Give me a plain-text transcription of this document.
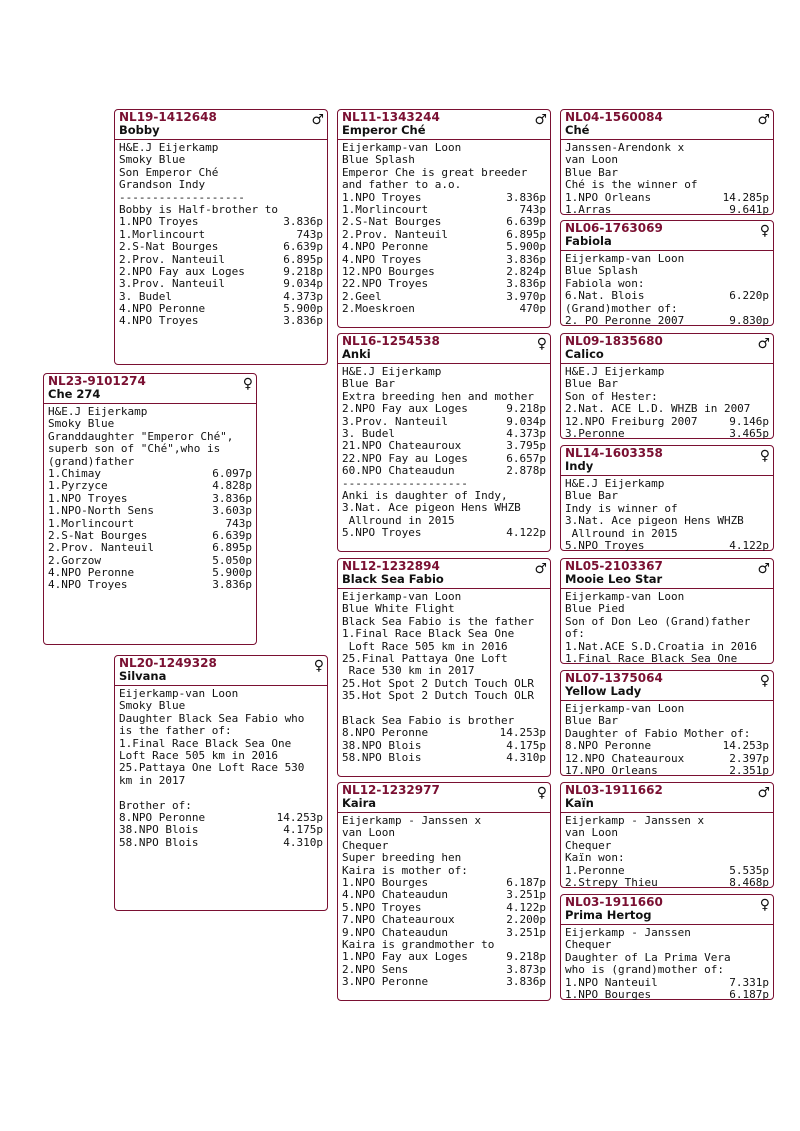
NL19-1412648
Bobby
♂
H&E.J Eijerkamp
Smoky Blue
Son Emperor Ché
Grandson Indy
-------------------
Bobby is Half-brother to
1.NPO Troyes	3.836p
1.Morlincourt	743p
2.S-Nat Bourges	6.639p
2.Prov. Nanteuil	6.895p
2.NPO Fay aux Loges	9.218p
3.Prov. Nanteuil	9.034p
3. Budel	4.373p
4.NPO Peronne	5.900p
4.NPO Troyes	3.836p
NL23-9101274
Che 274
♀
H&E.J Eijerkamp
Smoky Blue
Granddaughter "Emperor Ché",
superb son of "Ché",who is
(grand)father
1.Chimay	6.097p
1.Pyrzyce	4.828p
1.NPO Troyes	3.836p
1.NPO-North Sens	3.603p
1.Morlincourt	743p
2.S-Nat Bourges	6.639p
2.Prov. Nanteuil	6.895p
2.Gorzow	5.050p
4.NPO Peronne	5.900p
4.NPO Troyes	3.836p
NL20-1249328
Silvana
♀
Eijerkamp-van Loon
Smoky Blue
Daughter Black Sea Fabio who
is the father of:
1.Final Race Black Sea One
Loft Race 505 km in 2016
25.Pattaya One Loft Race 530
km in 2017
Brother of:
8.NPO Peronne	14.253p
38.NPO Blois	4.175p
58.NPO Blois	4.310p
NL11-1343244
Emperor Ché
♂
Eijerkamp-van Loon
Blue Splash
Emperor Che is great breeder
and father to a.o.
1.NPO Troyes	3.836p
1.Morlincourt	743p
2.S-Nat Bourges	6.639p
2.Prov. Nanteuil	6.895p
4.NPO Peronne	5.900p
4.NPO Troyes	3.836p
12.NPO Bourges	2.824p
22.NPO Troyes	3.836p
2.Geel	3.970p
2.Moeskroen	470p
NL16-1254538
Anki
♀
H&E.J Eijerkamp
Blue Bar
Extra breeding hen and mother
2.NPO Fay aux Loges	9.218p
3.Prov. Nanteuil	9.034p
3. Budel	4.373p
21.NPO Chateauroux	3.795p
22.NPO Fay au Loges	6.657p
60.NPO Chateaudun	2.878p
-------------------
Anki is daughter of Indy,
3.Nat. Ace pigeon Hens WHZB
Allround in 2015
5.NPO Troyes	4.122p
NL12-1232894
Black Sea Fabio
♂
Eijerkamp-van Loon
Blue White Flight
Black Sea Fabio is the father
1.Final Race Black Sea One
Loft Race 505 km in 2016
25.Final Pattaya One Loft
Race 530 km in 2017
25.Hot Spot 2 Dutch Touch OLR
35.Hot Spot 2 Dutch Touch OLR
Black Sea Fabio is brother
8.NPO Peronne	14.253p
38.NPO Blois	4.175p
58.NPO Blois	4.310p
NL12-1232977
Kaira
♀
Eijerkamp - Janssen x
van Loon
Chequer
Super breeding hen
Kaira is mother of:
1.NPO Bourges	6.187p
4.NPO Chateaudun	3.251p
5.NPO Troyes	4.122p
7.NPO Chateauroux	2.200p
9.NPO Chateaudun	3.251p
Kaira is grandmother to
1.NPO Fay aux Loges	9.218p
2.NPO Sens	3.873p
3.NPO Peronne	3.836p
NL04-1560084
Ché
♂
Janssen-Arendonk x
van Loon
Blue Bar
Ché is the winner of
1.NPO Orleans	14.285p
1.Arras	9.641p
NL06-1763069
Fabiola
♀
Eijerkamp-van Loon
Blue Splash
Fabiola won:
6.Nat. Blois	6.220p
(Grand)mother of:
2. PO Peronne 2007	9.830p
NL09-1835680
Calico
♂
H&E.J Eijerkamp
Blue Bar
Son of Hester:
2.Nat. ACE L.D. WHZB in 2007
12.NPO Freiburg 2007	9.146p
3.Peronne	3.465p
NL14-1603358
Indy
♀
H&E.J Eijerkamp
Blue Bar
Indy is winner of
3.Nat. Ace pigeon Hens WHZB
Allround in 2015
5.NPO Troyes	4.122p
NL05-2103367
Mooie Leo Star
♂
Eijerkamp-van Loon
Blue Pied
Son of Don Leo (Grand)father
of:
1.Nat.ACE S.D.Croatia in 2016
1.Final Race Black Sea One
NL07-1375064
Yellow Lady
♀
Eijerkamp-van Loon
Blue Bar
Daughter of Fabio Mother of:
8.NPO Peronne	14.253p
12.NPO Chateauroux	2.397p
17.NPO Orleans	2.351p
NL03-1911662
Kaïn
♂
Eijerkamp - Janssen x
van Loon
Chequer
Kaïn won:
1.Peronne	5.535p
2.Strepy Thieu	8.468p
NL03-1911660
Prima Hertog
♀
Eijerkamp - Janssen
Chequer
Daughter of La Prima Vera
who is (grand)mother of:
1.NPO Nanteuil	7.331p
1.NPO Bourges	6.187p
